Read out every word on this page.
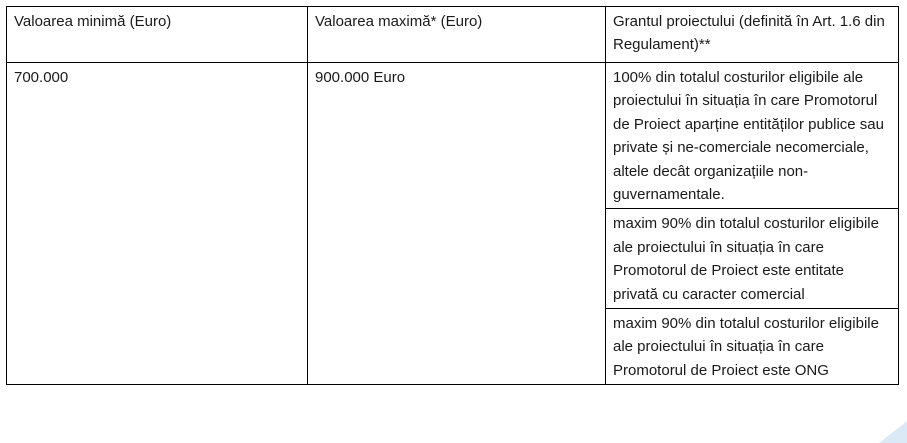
Valoarea minimă (Euro)	Valoarea maximă* (Euro)	Grantul proiectului (definită în Art. 1.6 din Regulament)**

700.000	900.000 Euro	100% din totalul costurilor eligibile ale proiectului în situația în care Promotorul de Proiect aparține entităților publice sau private și ne-comerciale necomerciale, altele decât organizațiile non-guvernamentale.

		maxim 90% din totalul costurilor eligibile ale proiectului în situația în care Promotorul de Proiect este entitate privată cu caracter comercial

		maxim 90% din totalul costurilor eligibile ale proiectului în situația în care Promotorul de Proiect este ONG
